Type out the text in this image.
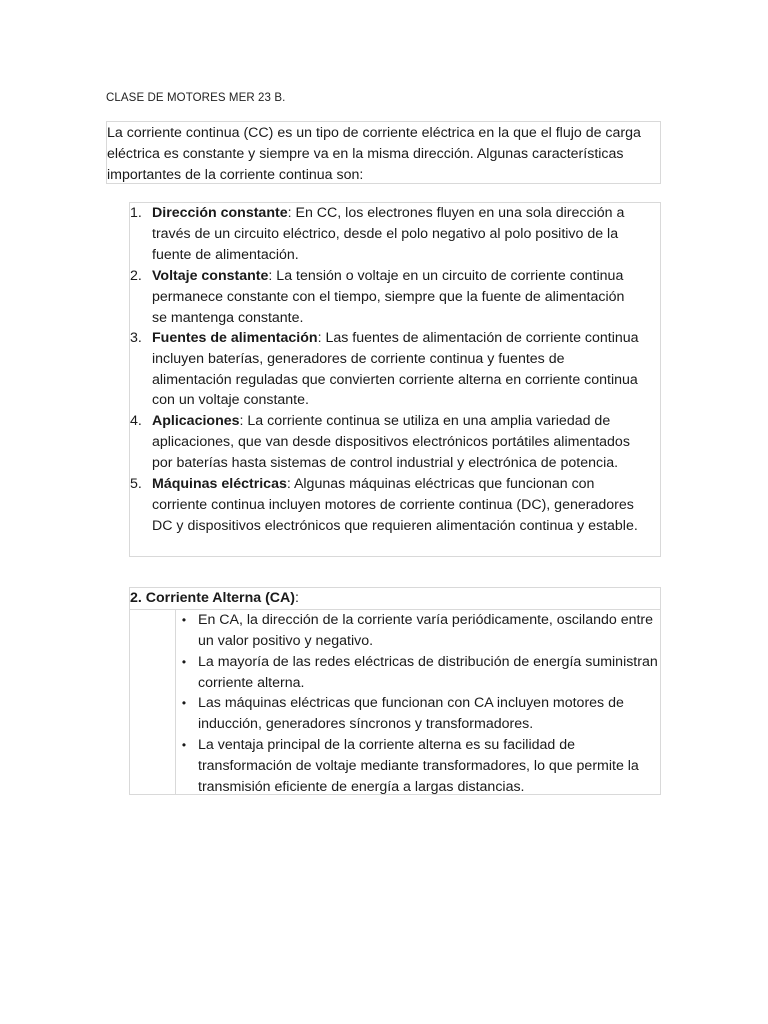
CLASE DE MOTORES MER 23 B.
La corriente continua (CC) es un tipo de corriente eléctrica en la que el flujo de carga eléctrica es constante y siempre va en la misma dirección. Algunas características importantes de la corriente continua son:
1. Dirección constante: En CC, los electrones fluyen en una sola dirección a través de un circuito eléctrico, desde el polo negativo al polo positivo de la fuente de alimentación.
2. Voltaje constante: La tensión o voltaje en un circuito de corriente continua permanece constante con el tiempo, siempre que la fuente de alimentación se mantenga constante.
3. Fuentes de alimentación: Las fuentes de alimentación de corriente continua incluyen baterías, generadores de corriente continua y fuentes de alimentación reguladas que convierten corriente alterna en corriente continua con un voltaje constante.
4. Aplicaciones: La corriente continua se utiliza en una amplia variedad de aplicaciones, que van desde dispositivos electrónicos portátiles alimentados por baterías hasta sistemas de control industrial y electrónica de potencia.
5. Máquinas eléctricas: Algunas máquinas eléctricas que funcionan con corriente continua incluyen motores de corriente continua (DC), generadores DC y dispositivos electrónicos que requieren alimentación continua y estable.
2. Corriente Alterna (CA):
• En CA, la dirección de la corriente varía periódicamente, oscilando entre un valor positivo y negativo.
• La mayoría de las redes eléctricas de distribución de energía suministran corriente alterna.
• Las máquinas eléctricas que funcionan con CA incluyen motores de inducción, generadores síncronos y transformadores.
• La ventaja principal de la corriente alterna es su facilidad de transformación de voltaje mediante transformadores, lo que permite la transmisión eficiente de energía a largas distancias.
